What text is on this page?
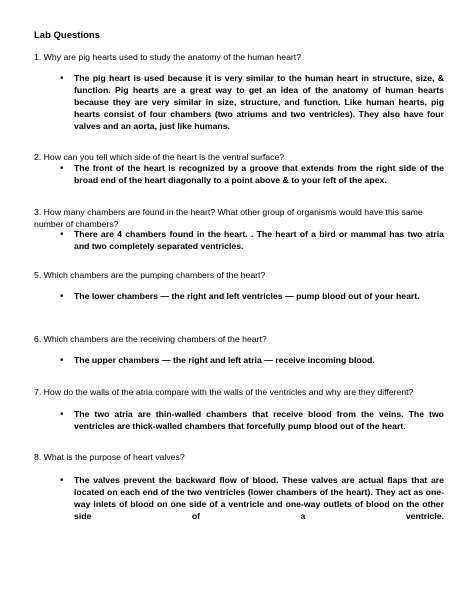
Lab Questions
1. Why are pig hearts used to study the anatomy of the human heart?
• The pig heart is used because it is very similar to the human heart in structure, size, & function. Pig hearts are a great way to get an idea of the anatomy of human hearts because they are very similar in size, structure, and function. Like human hearts, pig hearts consist of four chambers (two atriums and two ventricles). They also have four valves and an aorta, just like humans.
2. How can you tell which side of the heart is the ventral surface?
• The front of the heart is recognized by a groove that extends from the right side of the broad end of the heart diagonally to a point above & to your left of the apex.
3. How many chambers are found in the heart? What other group of organisms would have this same number of chambers?
• There are 4 chambers found in the heart. . The heart of a bird or mammal has two atria and two completely separated ventricles.
5. Which chambers are the pumping chambers of the heart?
• The lower chambers — the right and left ventricles — pump blood out of your heart.
6. Which chambers are the receiving chambers of the heart?
• The upper chambers — the right and left atria — receive incoming blood.
7. How do the walls of the atria compare with the walls of the ventricles and why are they different?
• The two atria are thin-walled chambers that receive blood from the veins. The two ventricles are thick-walled chambers that forcefully pump blood out of the heart.
8. What is the purpose of heart valves?
• The valves prevent the backward flow of blood. These valves are actual flaps that are located on each end of the two ventricles (lower chambers of the heart). They act as one-way inlets of blood on one side of a ventricle and one-way outlets of blood on the other side of a ventricle.
